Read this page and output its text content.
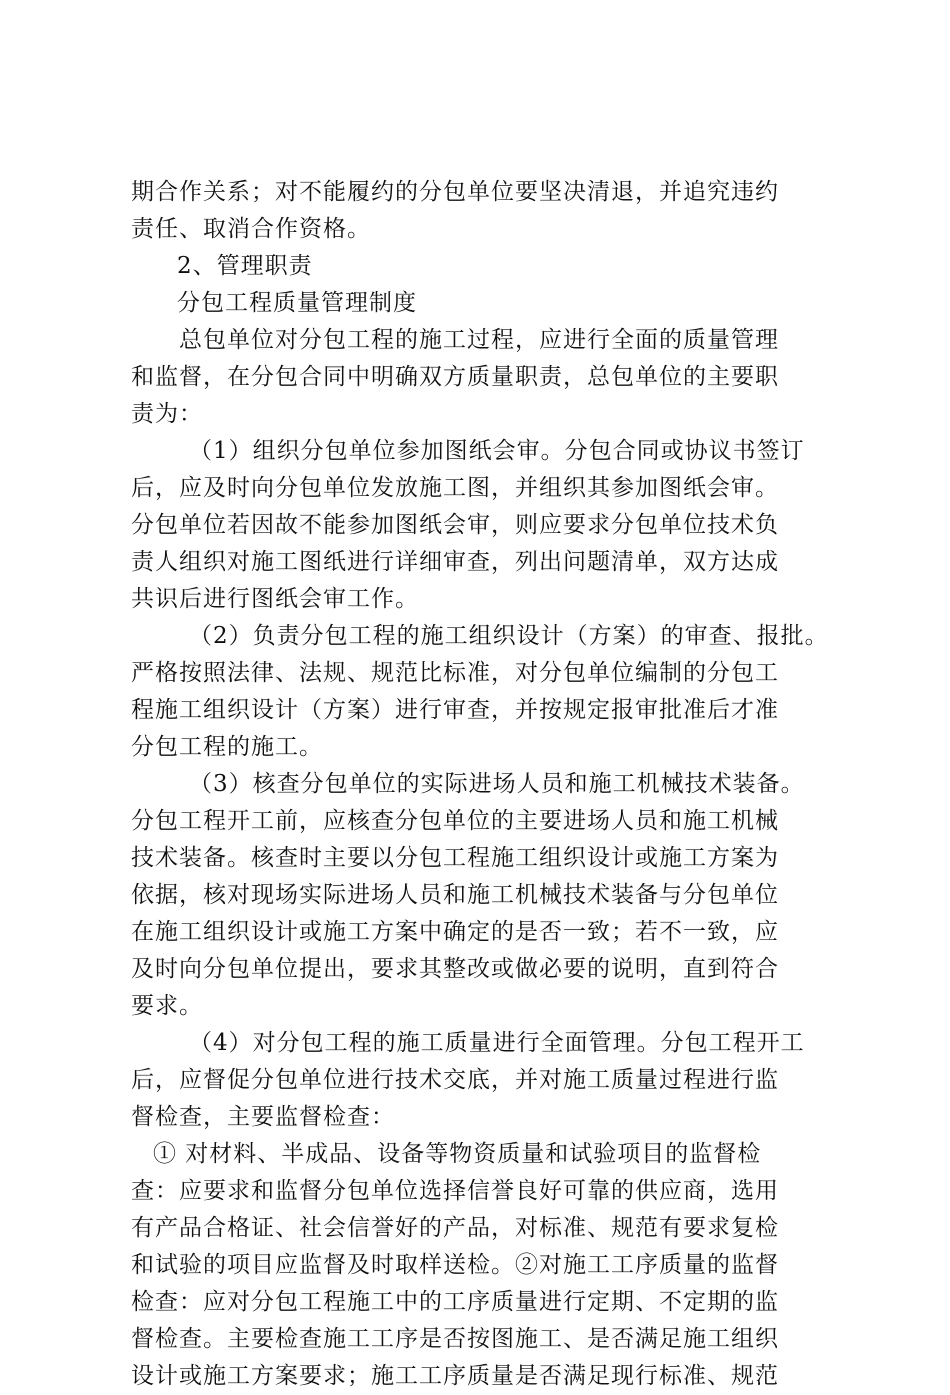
期合作关系；对不能履约的分包单位要坚决清退，并追究违约
责任、取消合作资格。
2、管理职责
分包工程质量管理制度
总包单位对分包工程的施工过程，应进行全面的质量管理
和监督，在分包合同中明确双方质量职责，总包单位的主要职
责为：
（1）组织分包单位参加图纸会审。分包合同或协议书签订
后，应及时向分包单位发放施工图，并组织其参加图纸会审。
分包单位若因故不能参加图纸会审，则应要求分包单位技术负
责人组织对施工图纸进行详细审查，列出问题清单，双方达成
共识后进行图纸会审工作。
（2）负责分包工程的施工组织设计（方案）的审查、报批。
严格按照法律、法规、规范比标准，对分包单位编制的分包工
程施工组织设计（方案）进行审查，并按规定报审批准后才准
分包工程的施工。
（3）核查分包单位的实际进场人员和施工机械技术装备。
分包工程开工前，应核查分包单位的主要进场人员和施工机械
技术装备。核查时主要以分包工程施工组织设计或施工方案为
依据，核对现场实际进场人员和施工机械技术装备与分包单位
在施工组织设计或施工方案中确定的是否一致；若不一致，应
及时向分包单位提出，要求其整改或做必要的说明，直到符合
要求。
（4）对分包工程的施工质量进行全面管理。分包工程开工
后，应督促分包单位进行技术交底，并对施工质量过程进行监
督检查，主要监督检查：
① 对材料、半成品、设备等物资质量和试验项目的监督检
查：应要求和监督分包单位选择信誉良好可靠的供应商，选用
有产品合格证、社会信誉好的产品，对标准、规范有要求复检
和试验的项目应监督及时取样送检。②对施工工序质量的监督
检查：应对分包工程施工中的工序质量进行定期、不定期的监
督检查。主要检查施工工序是否按图施工、是否满足施工组织
设计或施工方案要求；施工工序质量是否满足现行标准、规范
